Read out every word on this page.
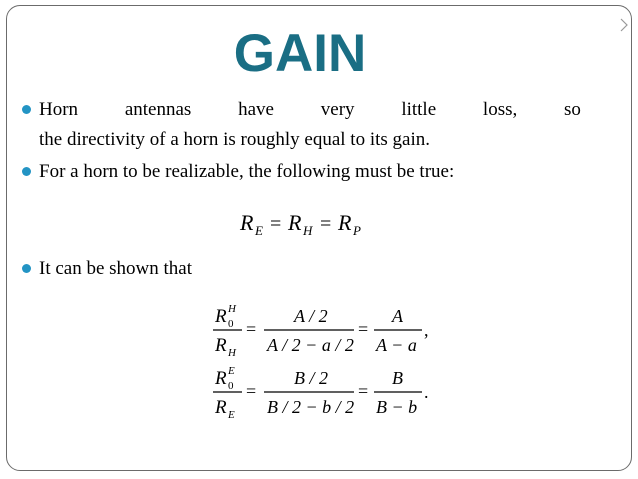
GAIN
Horn antennas have very little loss, so
the directivity of a horn is roughly equal to its gain.
For a horn to be realizable, the following must be true:
R E = R H = R P
It can be shown that
R H
0
R H
=
A / 2
A / 2 − a / 2
=
A
A − a
,
R E
0
R E
=
B / 2
B / 2 − b / 2
=
B
B − b
.
